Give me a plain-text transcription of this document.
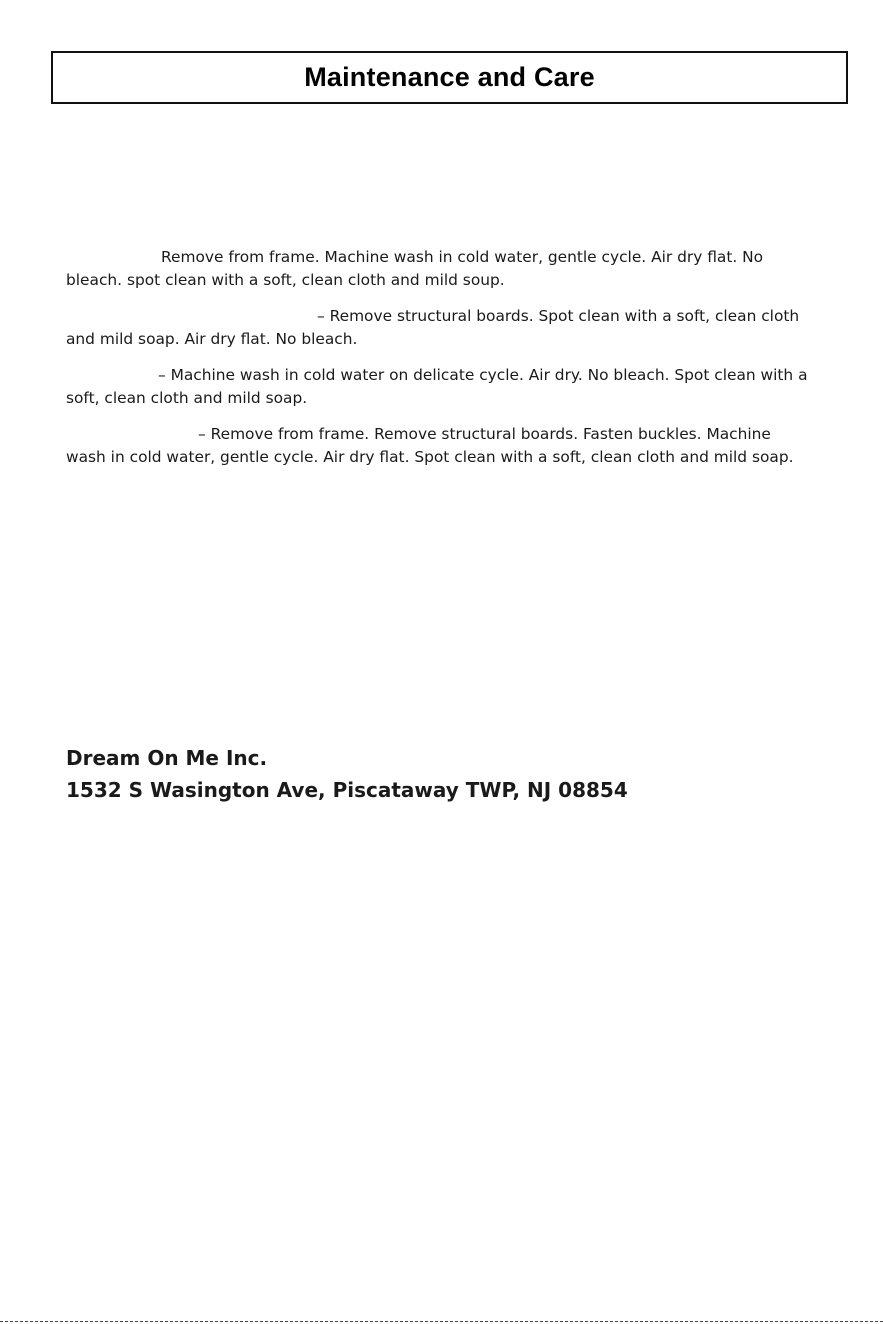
Maintenance and Care

Remove from frame. Machine wash in cold water, gentle cycle. Air dry flat. No bleach. spot clean with a soft, clean cloth and mild soup.

– Remove structural boards. Spot clean with a soft, clean cloth and mild soap. Air dry flat. No bleach.

– Machine wash in cold water on delicate cycle. Air dry. No bleach. Spot clean with a soft, clean cloth and mild soap.

– Remove from frame. Remove structural boards. Fasten buckles. Machine wash in cold water, gentle cycle. Air dry flat. Spot clean with a soft, clean cloth and mild soap.

Dream On Me Inc.
1532 S Wasington Ave, Piscataway TWP, NJ 08854
